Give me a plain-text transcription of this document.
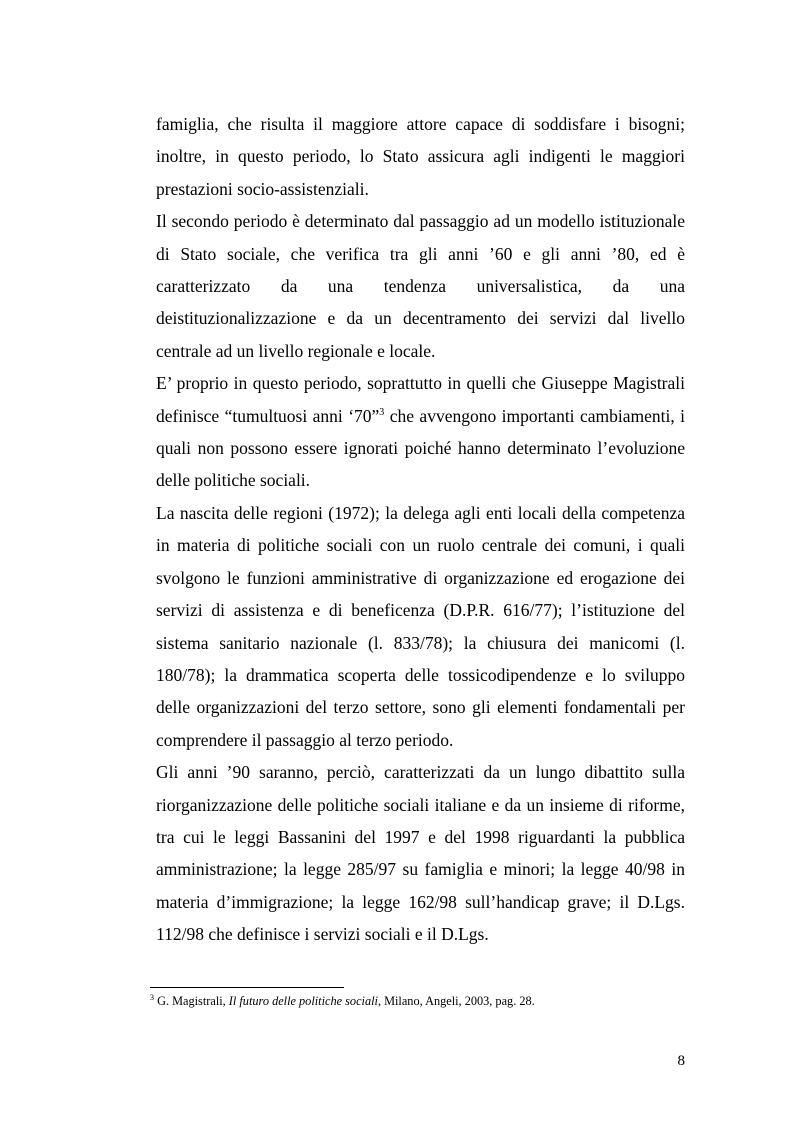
famiglia, che risulta il maggiore attore capace di soddisfare i bisogni; inoltre, in questo periodo, lo Stato assicura agli indigenti le maggiori prestazioni socio-assistenziali.

Il secondo periodo è determinato dal passaggio ad un modello istituzionale di Stato sociale, che verifica tra gli anni ’60 e gli anni ’80, ed è caratterizzato da una tendenza universalistica, da una deistituzionalizzazione e da un decentramento dei servizi dal livello centrale ad un livello regionale e locale.

E’ proprio in questo periodo, soprattutto in quelli che Giuseppe Magistrali definisce “tumultuosi anni ‘70”$^3$ che avvengono importanti cambiamenti, i quali non possono essere ignorati poiché hanno determinato l’evoluzione delle politiche sociali.

La nascita delle regioni (1972); la delega agli enti locali della competenza in materia di politiche sociali con un ruolo centrale dei comuni, i quali svolgono le funzioni amministrative di organizzazione ed erogazione dei servizi di assistenza e di beneficenza (D.P.R. 616/77); l’istituzione del sistema sanitario nazionale (l. 833/78); la chiusura dei manicomi (l. 180/78); la drammatica scoperta delle tossicodipendenze e lo sviluppo delle organizzazioni del terzo settore, sono gli elementi fondamentali per comprendere il passaggio al terzo periodo.

Gli anni ’90 saranno, perciò, caratterizzati da un lungo dibattito sulla riorganizzazione delle politiche sociali italiane e da un insieme di riforme, tra cui le leggi Bassanini del 1997 e del 1998 riguardanti la pubblica amministrazione; la legge 285/97 su famiglia e minori; la legge 40/98 in materia d’immigrazione; la legge 162/98 sull’handicap grave; il D.Lgs. 112/98 che definisce i servizi sociali e il D.Lgs.

$^3$ G. Magistrali, Il futuro delle politiche sociali, Milano, Angeli, 2003, pag. 28.
8
